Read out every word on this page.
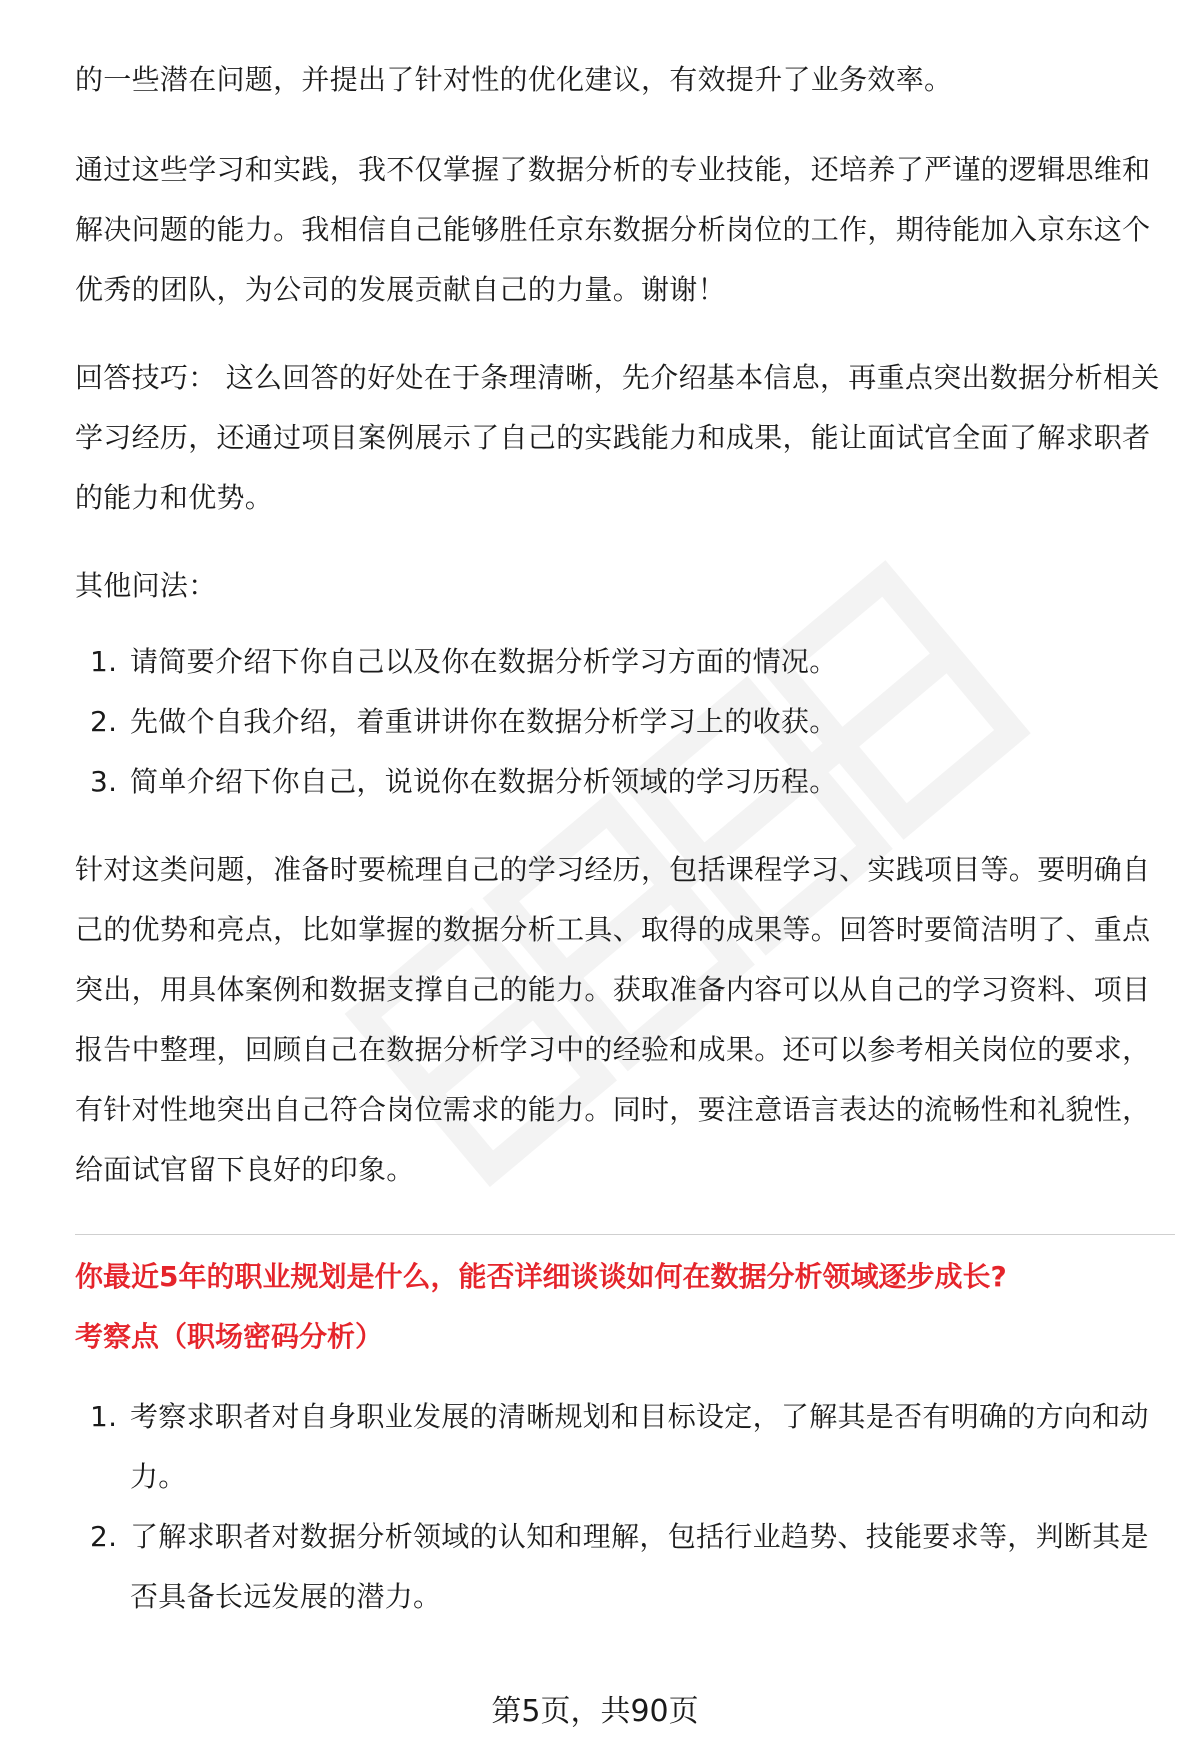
的一些潜在问题，并提出了针对性的优化建议，有效提升了业务效率。

通过这些学习和实践，我不仅掌握了数据分析的专业技能，还培养了严谨的逻辑思维和解决问题的能力。我相信自己能够胜任京东数据分析岗位的工作，期待能加入京东这个优秀的团队，为公司的发展贡献自己的力量。谢谢！

回答技巧： 这么回答的好处在于条理清晰，先介绍基本信息，再重点突出数据分析相关学习经历，还通过项目案例展示了自己的实践能力和成果，能让面试官全面了解求职者的能力和优势。

其他问法：

1. 请简要介绍下你自己以及你在数据分析学习方面的情况。
2. 先做个自我介绍，着重讲讲你在数据分析学习上的收获。
3. 简单介绍下你自己，说说你在数据分析领域的学习历程。

针对这类问题，准备时要梳理自己的学习经历，包括课程学习、实践项目等。要明确自己的优势和亮点，比如掌握的数据分析工具、取得的成果等。回答时要简洁明了、重点突出，用具体案例和数据支撑自己的能力。获取准备内容可以从自己的学习资料、项目报告中整理，回顾自己在数据分析学习中的经验和成果。还可以参考相关岗位的要求，有针对性地突出自己符合岗位需求的能力。同时，要注意语言表达的流畅性和礼貌性，给面试官留下良好的印象。

你最近5年的职业规划是什么，能否详细谈谈如何在数据分析领域逐步成长?

考察点（职场密码分析）

1. 考察求职者对自身职业发展的清晰规划和目标设定，了解其是否有明确的方向和动力。
2. 了解求职者对数据分析领域的认知和理解，包括行业趋势、技能要求等，判断其是否具备长远发展的潜力。
第5页，共90页
